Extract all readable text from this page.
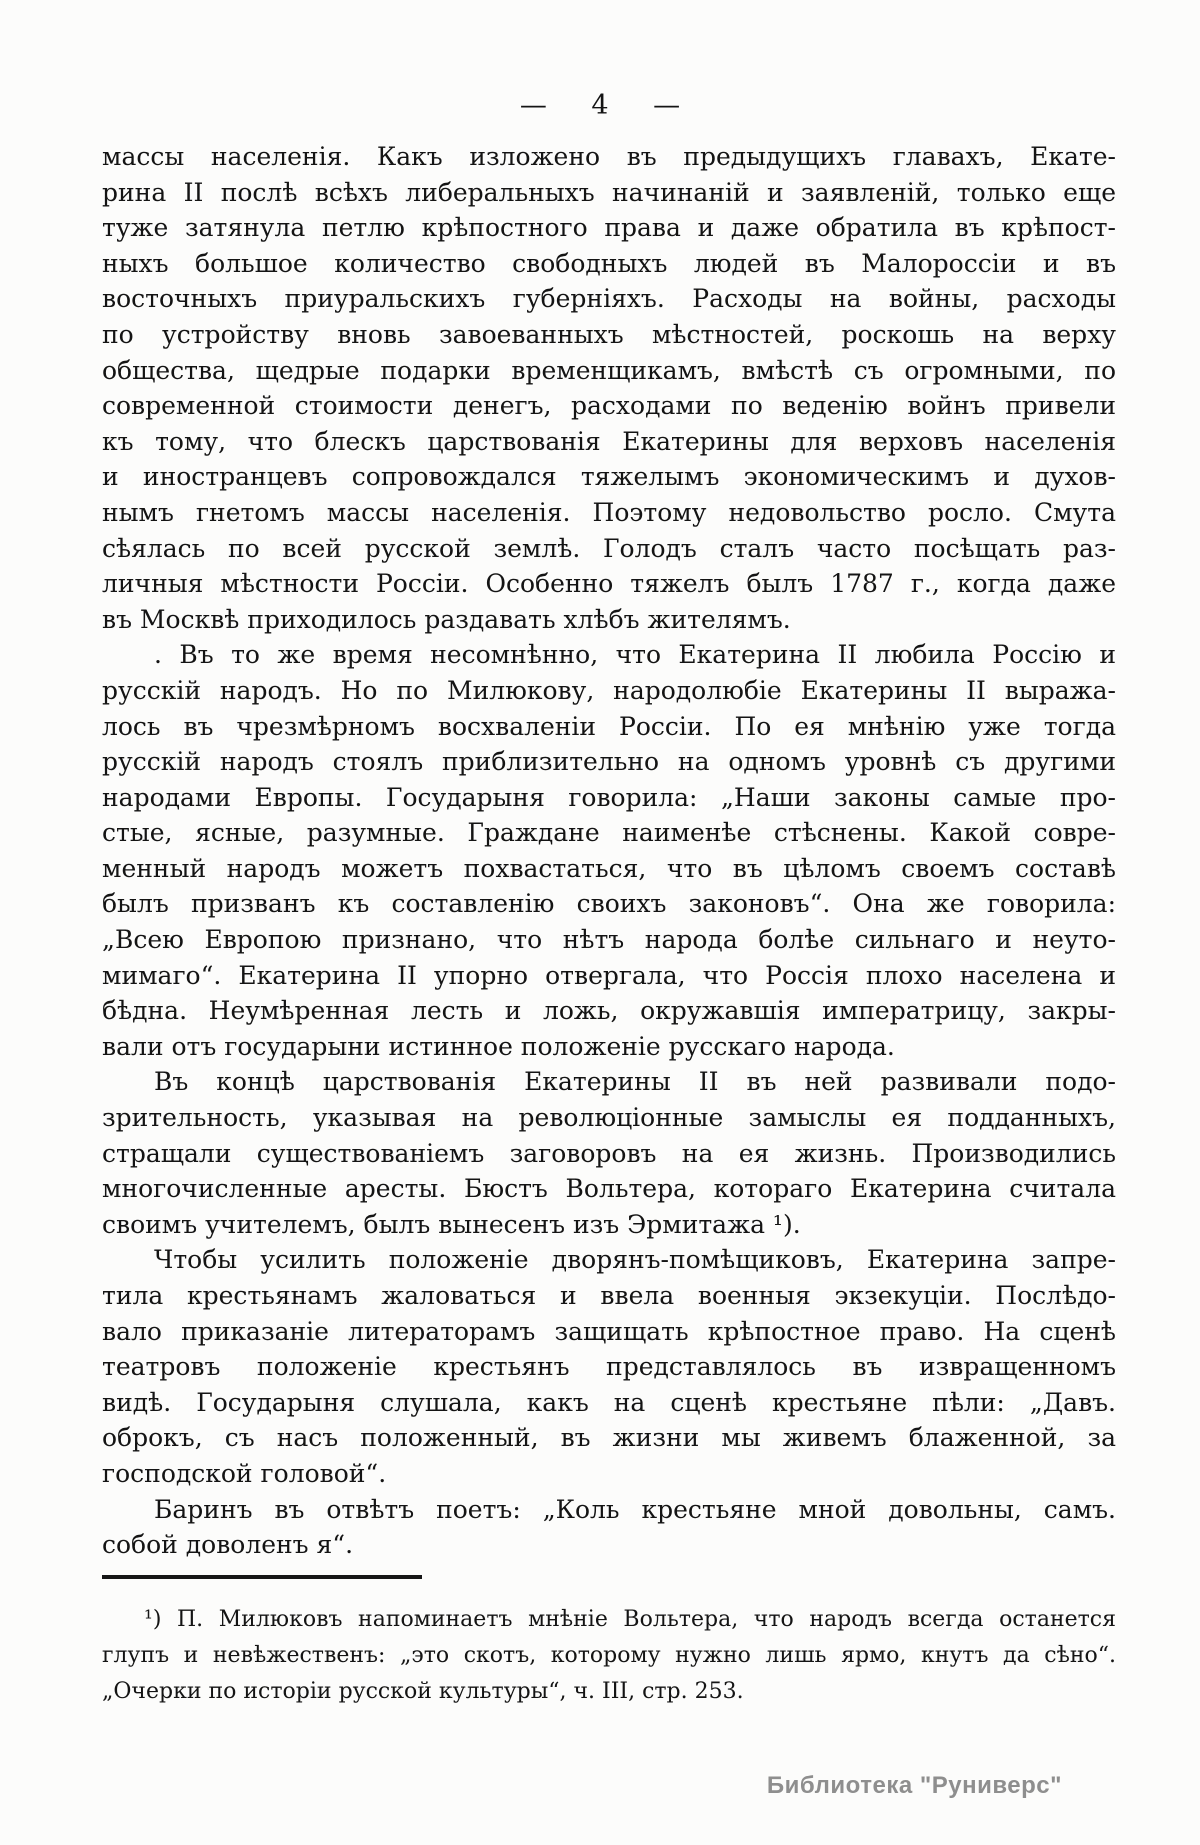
— 4 —

массы населенія. Какъ изложено въ предыдущихъ главахъ, Екате-
рина II послѣ всѣхъ либеральныхъ начинаній и заявленій, только еще
туже затянула петлю крѣпостного права и даже обратила въ крѣпост-
ныхъ большое количество свободныхъ людей въ Малороссіи и въ
восточныхъ приуральскихъ губерніяхъ. Расходы на войны, расходы
по устройству вновь завоеванныхъ мѣстностей, роскошь на верху
общества, щедрые подарки временщикамъ, вмѣстѣ съ огромными, по
современной стоимости денегъ, расходами по веденію войнъ привели
къ тому, что блескъ царствованія Екатерины для верховъ населенія
и иностранцевъ сопровождался тяжелымъ экономическимъ и духов-
нымъ гнетомъ массы населенія. Поэтому недовольство росло. Смута
сѣялась по всей русской землѣ. Голодъ сталъ часто посѣщать раз-
личныя мѣстности Россіи. Особенно тяжелъ былъ 1787 г., когда даже
въ Москвѣ приходилось раздавать хлѣбъ жителямъ.

. Въ то же время несомнѣнно, что Екатерина II любила Россію и
русскій народъ. Но по Милюкову, народолюбіе Екатерины II выража-
лось въ чрезмѣрномъ восхваленіи Россіи. По ея мнѣнію уже тогда
русскій народъ стоялъ приблизительно на одномъ уровнѣ съ другими
народами Европы. Государыня говорила: „Наши законы самые про-
стые, ясные, разумные. Граждане наименѣе стѣснены. Какой совре-
менный народъ можетъ похвастаться, что въ цѣломъ своемъ составѣ
былъ призванъ къ составленію своихъ законовъ“. Она же говорила:
„Всею Европою признано, что нѣтъ народа болѣе сильнаго и неуто-
мимаго“. Екатерина II упорно отвергала, что Россія плохо населена и
бѣдна. Неумѣренная лесть и ложь, окружавшія императрицу, закры-
вали отъ государыни истинное положеніе русскаго народа.

Въ концѣ царствованія Екатерины II въ ней развивали подо-
зрительность, указывая на революціонные замыслы ея подданныхъ,
стращали существованіемъ заговоровъ на ея жизнь. Производились
многочисленные аресты. Бюстъ Вольтера, котораго Екатерина считала
своимъ учителемъ, былъ вынесенъ изъ Эрмитажа ¹).

Чтобы усилить положеніе дворянъ-помѣщиковъ, Екатерина запре-
тила крестьянамъ жаловаться и ввела военныя экзекуціи. Послѣдо-
вало приказаніе литераторамъ защищать крѣпостное право. На сценѣ
театровъ положеніе крестьянъ представлялось въ извращенномъ
видѣ. Государыня слушала, какъ на сценѣ крестьяне пѣли: „Давъ.
оброкъ, съ насъ положенный, въ жизни мы живемъ блаженной, за
господской головой“.

Баринъ въ отвѣтъ поетъ: „Коль крестьяне мной довольны, самъ.
собой доволенъ я“.

¹) П. Милюковъ напоминаетъ мнѣніе Вольтера, что народъ всегда останется
глупъ и невѣжественъ: „это скотъ, которому нужно лишь ярмо, кнутъ да сѣно“.
„Очерки по исторіи русской культуры“, ч. III, стр. 253.
Библиотека "Руниверс"
